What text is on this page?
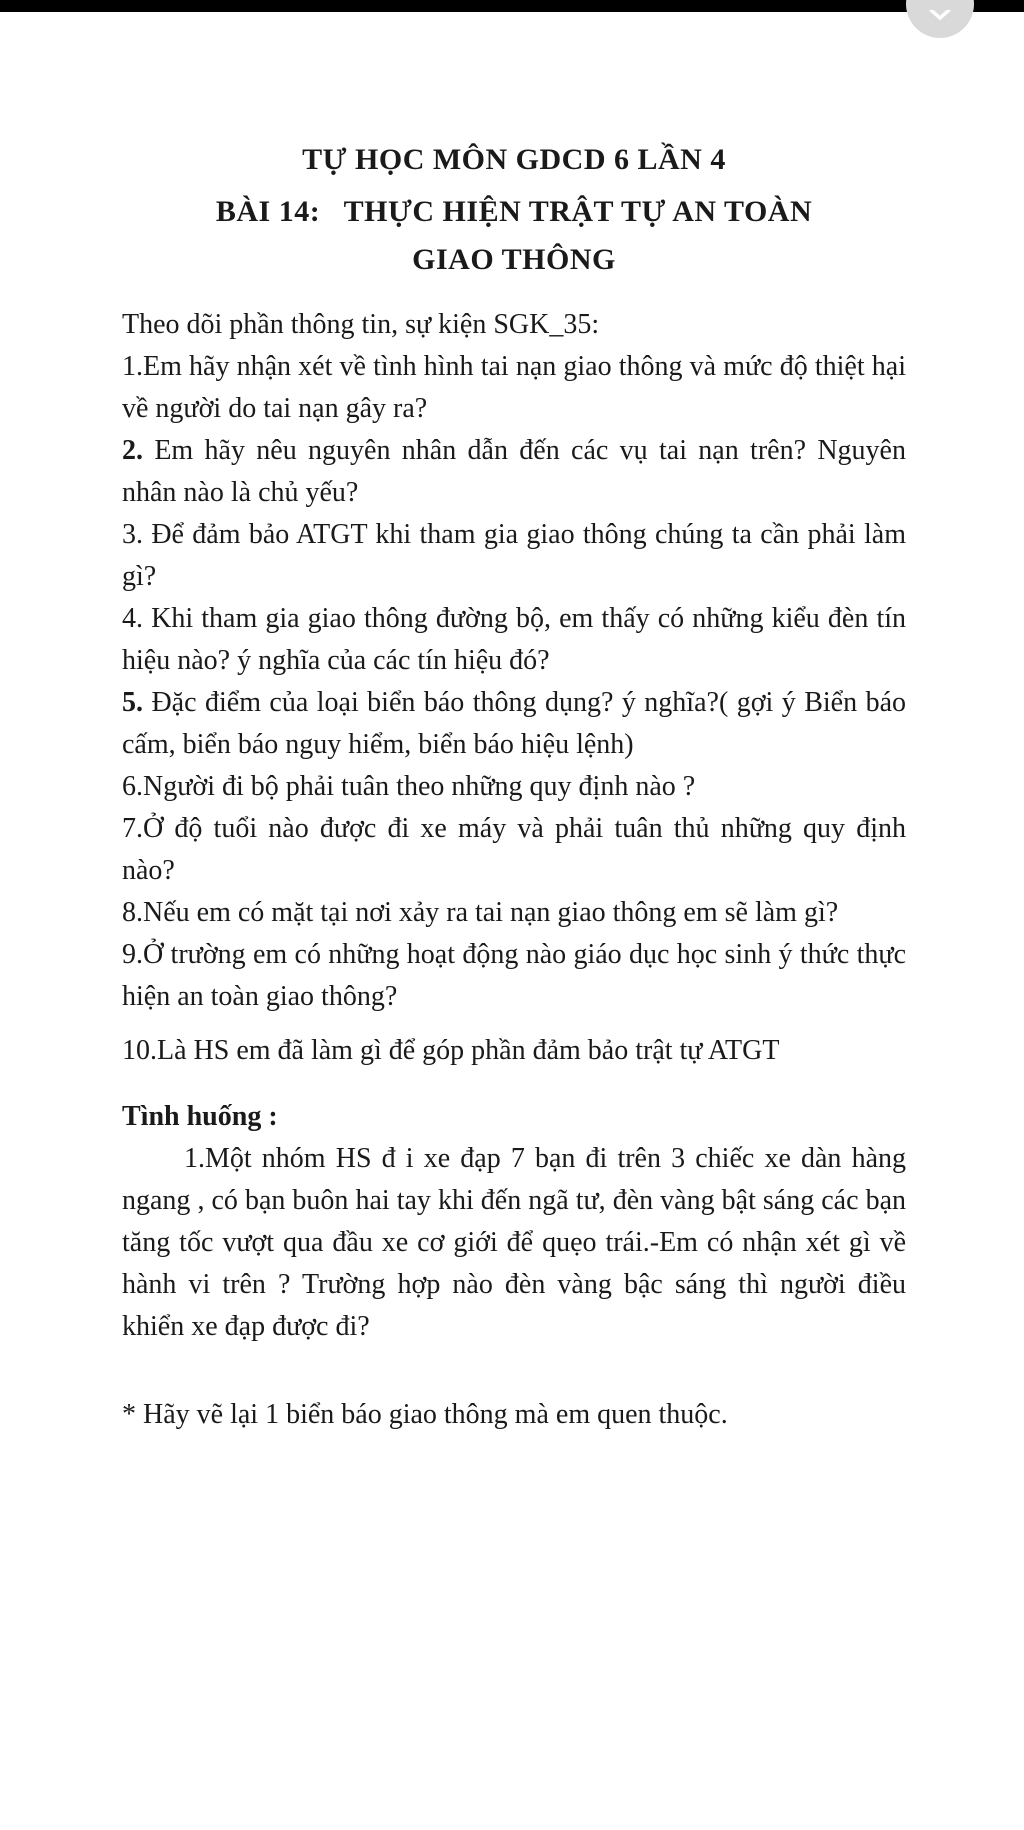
TỰ HỌC MÔN GDCD 6 LẦN 4
BÀI 14:   THỰC HIỆN TRẬT TỰ AN TOÀN
GIAO THÔNG
Theo dõi phần thông tin, sự kiện SGK_35:
1.Em hãy nhận xét về tình hình tai nạn giao thông và mức độ thiệt hại về người do tai nạn gây ra?
2. Em hãy nêu nguyên nhân dẫn đến các vụ tai nạn trên? Nguyên nhân nào là chủ yếu?
3. Để đảm bảo ATGT khi tham gia giao thông chúng ta cần phải làm gì?
4. Khi tham gia giao thông đường bộ, em thấy có những kiểu đèn tín hiệu nào? ý nghĩa của các tín hiệu đó?
5. Đặc điểm của loại biển báo thông dụng? ý nghĩa?( gợi ý Biển báo cấm, biển báo nguy hiểm, biển báo hiệu lệnh)
6.Người đi bộ phải tuân theo những quy định nào ?
7.Ở độ tuổi nào được đi xe máy và phải tuân thủ những quy định nào?
8.Nếu em có mặt tại nơi xảy ra tai nạn giao thông em sẽ làm gì?
9.Ở trường em có những hoạt động nào giáo dục học sinh ý thức thực hiện an toàn giao thông?
10.Là HS em đã làm gì để góp phần đảm bảo trật tự ATGT
Tình huống :
1.Một nhóm HS đ i xe đạp 7 bạn đi trên 3 chiếc xe dàn hàng ngang , có bạn buôn hai tay khi đến ngã tư, đèn vàng bật sáng các bạn tăng tốc vượt qua đầu xe cơ giới để quẹo trái.-Em có nhận xét gì về hành vi trên ? Trường hợp nào đèn vàng bậc sáng thì người điều khiển xe đạp được đi?
* Hãy vẽ lại 1 biển báo giao thông mà em quen thuộc.
